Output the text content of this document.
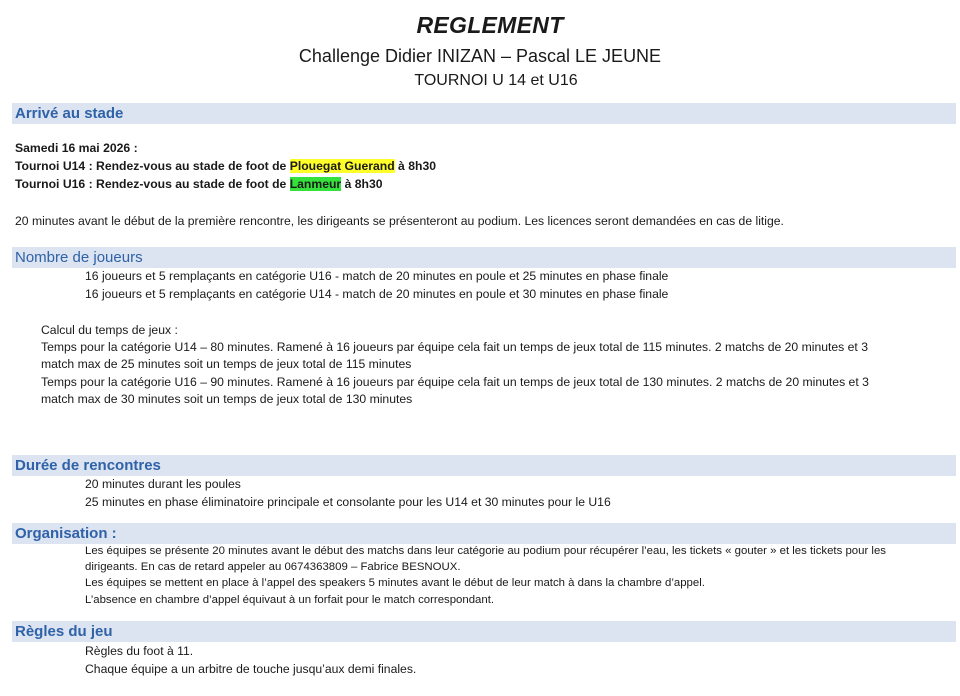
REGLEMENT
Challenge Didier INIZAN – Pascal LE JEUNE
TOURNOI U 14 et U16
Arrivé au stade
Samedi 16 mai 2026 :
Tournoi U14 : Rendez-vous au stade de foot de Plouegat Guerand à 8h30
Tournoi U16 : Rendez-vous au stade de foot de Lanmeur à 8h30
20 minutes avant le début de la première rencontre, les dirigeants se présenteront au podium. Les licences seront demandées en cas de litige.
Nombre de joueurs
16 joueurs et 5 remplaçants en catégorie U16 - match de 20 minutes en poule et 25 minutes en phase finale
16 joueurs et 5 remplaçants en catégorie U14 - match de 20 minutes en poule et 30 minutes en phase finale
Calcul du temps de jeux :
Temps pour la catégorie U14 – 80 minutes. Ramené à 16 joueurs par équipe cela fait un temps de jeux total de 115 minutes. 2 matchs de 20 minutes et 3
match max de 25 minutes soit un temps de jeux total de 115 minutes
Temps pour la catégorie U16 – 90 minutes. Ramené à 16 joueurs par équipe cela fait un temps de jeux total de 130 minutes. 2 matchs de 20 minutes et 3
match max de 30 minutes soit un temps de jeux total de 130 minutes
Durée de rencontres
20 minutes durant les poules
25 minutes en phase éliminatoire principale et consolante pour les U14 et 30 minutes pour le U16
Organisation :
Les équipes se présente 20 minutes avant le début des matchs dans leur catégorie au podium pour récupérer l’eau, les tickets « gouter » et les tickets pour les
dirigeants. En cas de retard appeler au 0674363809 – Fabrice BESNOUX.
Les équipes se mettent en place à l’appel des speakers 5 minutes avant le début de leur match à dans la chambre d’appel.
L’absence en chambre d’appel équivaut à un forfait pour le match correspondant.
Règles du jeu
Règles du foot à 11.
Chaque équipe a un arbitre de touche jusqu’aux demi finales.
